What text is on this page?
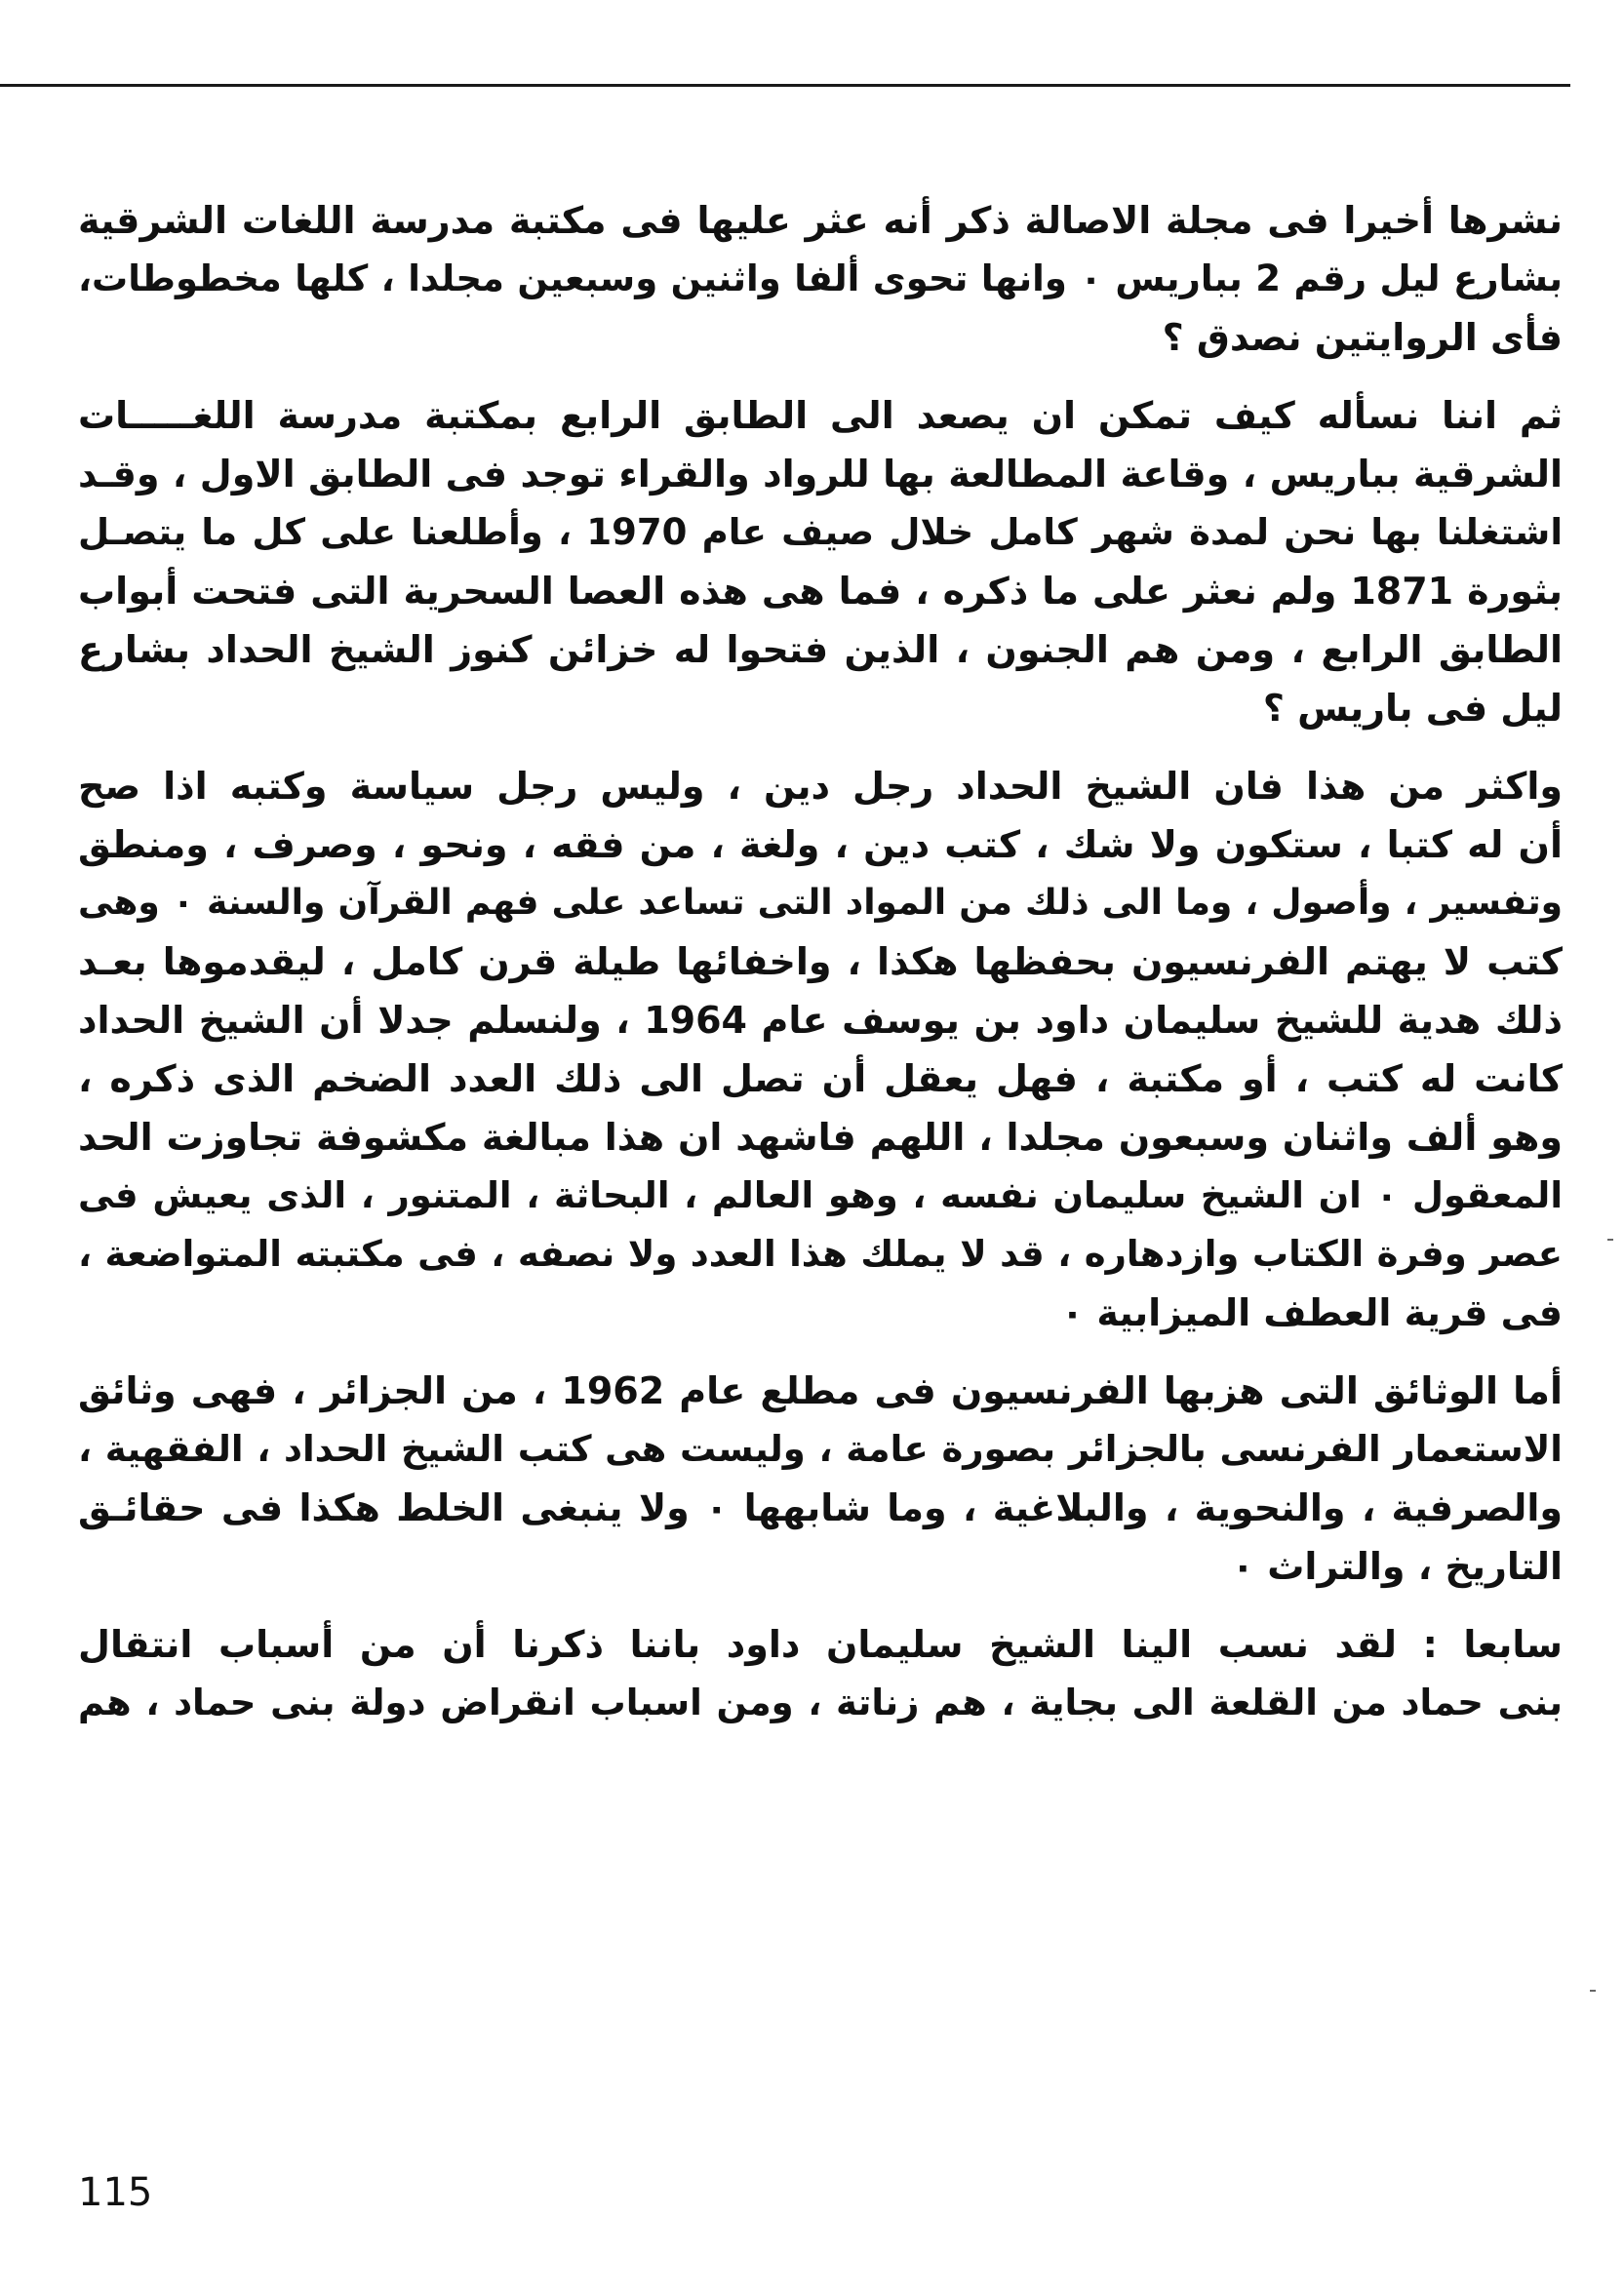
نشرها أخيرا فى مجلة الاصالة ذكر أنه عثر عليها فى مكتبة مدرسة اللغات الشرقية
بشارع ليل رقم 2 بباريس ٠ وانها تحوى ألفا واثنين وسبعين مجلدا ، كلها مخطوطات،
فأى الروايتين نصدق ؟
ثم اننا نسأله كيف تمكن ان يصعد الى الطابق الرابع بمكتبة مدرسة اللغـــــات
الشرقية بباريس ، وقاعة المطالعة بها للرواد والقراء توجد فى الطابق الاول ، وقـد
اشتغلنا بها نحن لمدة شهر كامل خلال صيف عام 1970 ، وأطلعنا على كل ما يتصـل
بثورة 1871 ولم نعثر على ما ذكره ، فما هى هذه العصا السحرية التى فتحت أبواب
الطابق الرابع ، ومن هم الجنون ، الذين فتحوا له خزائن كنوز الشيخ الحداد بشارع
ليل فى باريس ؟
واكثر من هذا فان الشيخ الحداد رجل دين ، وليس رجل سياسة وكتبه اذا صح
أن له كتبا ، ستكون ولا شك ، كتب دين ، ولغة ، من فقه ، ونحو ، وصرف ، ومنطق
وتفسير ، وأصول ، وما الى ذلك من المواد التى تساعد على فهم القرآن والسنة ٠ وهى
كتب لا يهتم الفرنسيون بحفظها هكذا ، واخفائها طيلة قرن كامل ، ليقدموها بعـد
ذلك هدية للشيخ سليمان داود بن يوسف عام 1964 ، ولنسلم جدلا أن الشيخ الحداد
كانت له كتب ، أو مكتبة ، فهل يعقل أن تصل الى ذلك العدد الضخم الذى ذكره ،
وهو ألف واثنان وسبعون مجلدا ، اللهم فاشهد ان هذا مبالغة مكشوفة تجاوزت الحد
المعقول ٠ ان الشيخ سليمان نفسه ، وهو العالم ، البحاثة ، المتنور ، الذى يعيش فى
عصر وفرة الكتاب وازدهاره ، قد لا يملك هذا العدد ولا نصفه ، فى مكتبته المتواضعة ،
فى قرية العطف الميزابية ٠
أما الوثائق التى هزبها الفرنسيون فى مطلع عام 1962 ، من الجزائر ، فهى وثائق
الاستعمار الفرنسى بالجزائر بصورة عامة ، وليست هى كتب الشيخ الحداد ، الفقهية ،
والصرفية ، والنحوية ، والبلاغية ، وما شابهها ٠ ولا ينبغى الخلط هكذا فى حقائـق
التاريخ ، والتراث ٠
سابعا : لقد نسب الينا الشيخ سليمان داود باننا ذكرنا أن من أسباب انتقال
بنى حماد من القلعة الى بجاية ، هم زناتة ، ومن اسباب انقراض دولة بنى حماد ، هم
115
